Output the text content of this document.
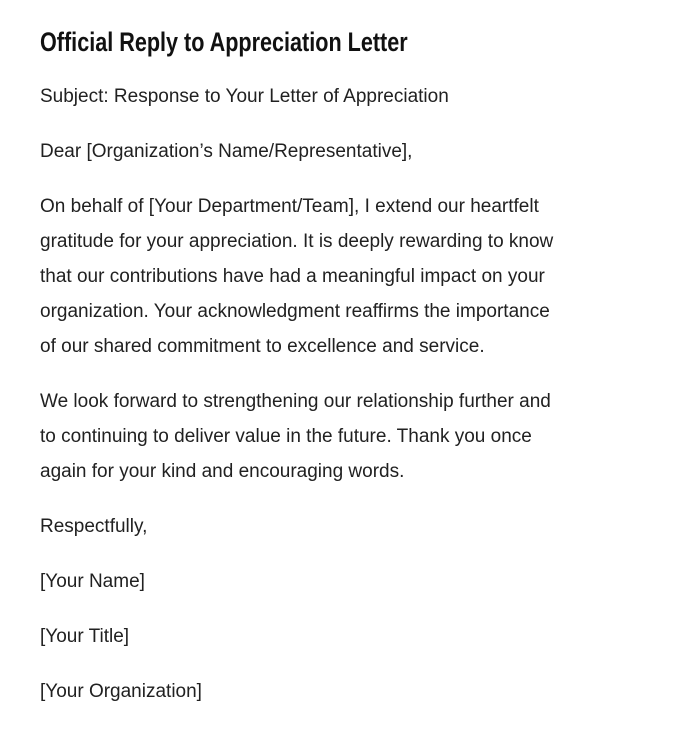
Official Reply to Appreciation Letter
Subject: Response to Your Letter of Appreciation
Dear [Organization’s Name/Representative],
On behalf of [Your Department/Team], I extend our heartfelt
gratitude for your appreciation. It is deeply rewarding to know
that our contributions have had a meaningful impact on your
organization. Your acknowledgment reaffirms the importance
of our shared commitment to excellence and service.
We look forward to strengthening our relationship further and
to continuing to deliver value in the future. Thank you once
again for your kind and encouraging words.
Respectfully,
[Your Name]
[Your Title]
[Your Organization]
